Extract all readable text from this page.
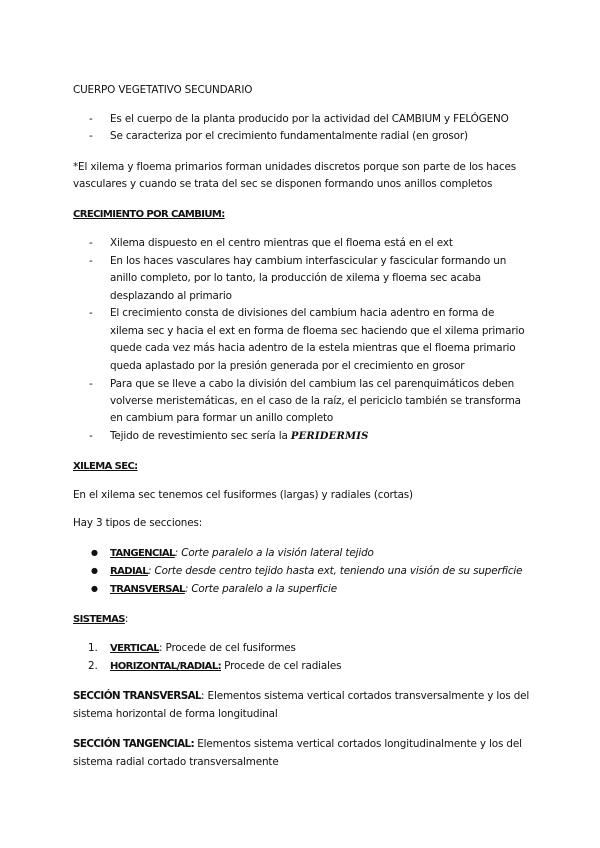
CUERPO VEGETATIVO SECUNDARIO
-	Es el cuerpo de la planta producido por la actividad del CAMBIUM y FELÓGENO
-	Se caracteriza por el crecimiento fundamentalmente radial (en grosor)
*El xilema y floema primarios forman unidades discretos porque son parte de los haces
vasculares y cuando se trata del sec se disponen formando unos anillos completos
CRECIMIENTO POR CAMBIUM:
-	Xilema dispuesto en el centro mientras que el floema está en el ext
-	En los haces vasculares hay cambium interfascicular y fascicular formando un
anillo completo, por lo tanto, la producción de xilema y floema sec acaba
desplazando al primario
-	El crecimiento consta de divisiones del cambium hacia adentro en forma de
xilema sec y hacia el ext en forma de floema sec haciendo que el xilema primario
quede cada vez más hacia adentro de la estela mientras que el floema primario
queda aplastado por la presión generada por el crecimiento en grosor
-	Para que se lleve a cabo la división del cambium las cel parenquimáticos deben
volverse meristemáticas, en el caso de la raíz, el periciclo también se transforma
en cambium para formar un anillo completo
-	Tejido de revestimiento sec sería la PERIDERMIS
XILEMA SEC:
En el xilema sec tenemos cel fusiformes (largas) y radiales (cortas)
Hay 3 tipos de secciones:
●	TANGENCIAL: Corte paralelo a la visión lateral tejido
●	RADIAL: Corte desde centro tejido hasta ext, teniendo una visión de su superficie
●	TRANSVERSAL: Corte paralelo a la superficie
SISTEMAS:
1.	VERTICAL: Procede de cel fusiformes
2.	HORIZONTAL/RADIAL: Procede de cel radiales
SECCIÓN TRANSVERSAL: Elementos sistema vertical cortados transversalmente y los del
sistema horizontal de forma longitudinal
SECCIÓN TANGENCIAL: Elementos sistema vertical cortados longitudinalmente y los del
sistema radial cortado transversalmente
